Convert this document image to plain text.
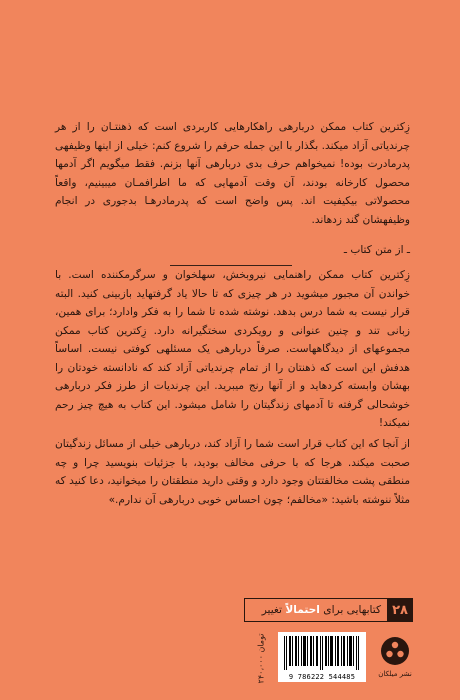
زِکترین کتاب ممکن دربارهی راهکارهایی کاربردی است که ذهنتـان را از هر چرندیاتی آزاد میکند. بگذار با این جمله حرفم را شروع کنم: خیلی از اینها وظیفهی پدرمادرت بوده! نمیخواهم حرف بدی دربارهی آنها بزنم. فقط میگویم اگر آدمها محصول کارخانه بودند، آن وقت آدمهایی که ما اطرافمـان میبینیم، واقعاً محصولاتی بیکیفیت اند. پس واضح است که پدرمادرهـا بدجوری در انجام وظیفهشان گند زدهاند.

ـ از متن کتاب ـ

زِکترین کتاب ممکن راهنمایی نیروبخش، سهلخوان و سرگرمکننده است. با خواندن آن مجبور میشوید در هر چیزی که تا حالا یاد گرفتهاید بازبینی کنید. البته قرار نیست به شما درس بدهد. نوشته شده تا شما را به فکر وادارد؛ برای همین، زبانی تند و چنین عنوانی و رویکردی سختگیرانه دارد. زِکترین کتاب ممکن مجموعهای از دیدگاههاست. صرفاً دربارهی یک مسئلهی کوفتی نیست. اساساً هدفش این است که ذهنتان را از تمام چرندیاتی آزاد کند که نادانسته خودتان را بهشان وابسته کردهاید و از آنها رنج میبرید. این چرندیات از طرز فکر دربارهی خوشحالی گرفته تا آدمهای زندگیتان را شامل میشود. این کتاب به هیچ چیز رحم نمیکند!

از آنجا که این کتاب قرار است شما را آزاد کند، دربارهی خیلی از مسائل زندگیتان صحبت میکند. هرجا که با حرفی مخالف بودید، با جزئیات بنویسید چرا و چه منطقی پشت مخالفتتان وجود دارد و وقتی دارید منطقتان را میخوانید، دعا کنید که مثلاً ننوشته باشید: «مخالفم؛ چون احساس خوبی دربارهی آن ندارم.»

۲۸
کتابهایی برای احتمالاً تغییر
۲۴۰،۰۰۰ تومان
9 786222 544485	نشر میلکان
